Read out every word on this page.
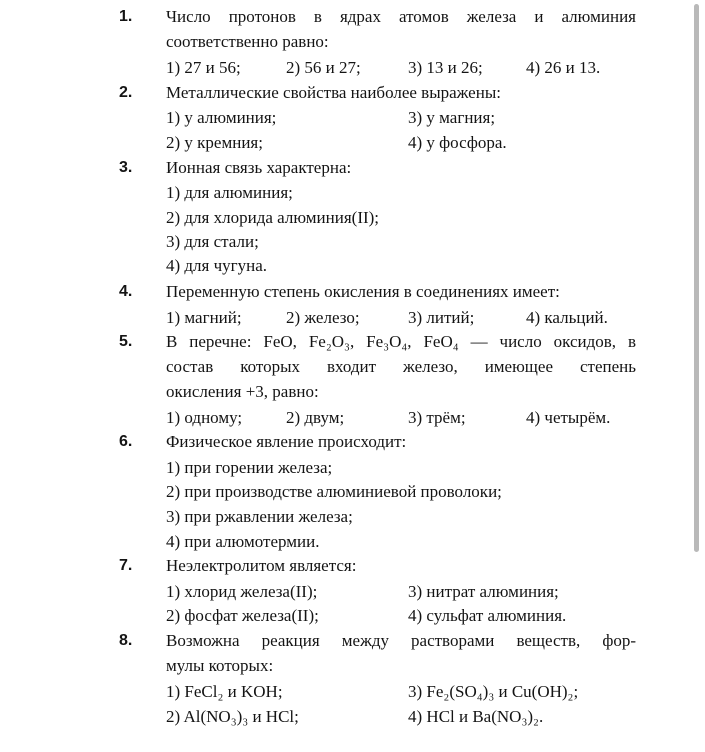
1. Число протонов в ядрах атомов железа и алюминия
соответственно равно:
1) 27 и 56;	2) 56 и 27;	3) 13 и 26;	4) 26 и 13.
2. Металлические свойства наиболее выражены:
1) у алюминия;	3) у магния;
2) у кремния;	4) у фосфора.
3. Ионная связь характерна:
1) для алюминия;
2) для хлорида алюминия(II);
3) для стали;
4) для чугуна.
4. Переменную степень окисления в соединениях имеет:
1) магний;	2) железо;	3) литий;	4) кальций.
5. В перечне: FeO, Fe₂O₃, Fe₃O₄, FeO₄ — число оксидов, в
состав которых входит железо, имеющее степень
окисления +3, равно:
1) одному;	2) двум;	3) трём;	4) четырём.
6. Физическое явление происходит:
1) при горении железа;
2) при производстве алюминиевой проволоки;
3) при ржавлении железа;
4) при алюмотермии.
7. Неэлектролитом является:
1) хлорид железа(II);	3) нитрат алюминия;
2) фосфат железа(II);	4) сульфат алюминия.
8. Возможна реакция между растворами веществ, фор-
мулы которых:
1) FeCl₂ и KOH;	3) Fe₂(SO₄)₃ и Cu(OH)₂;
2) Al(NO₃)₃ и HCl;	4) HCl и Ba(NO₃)₂.
